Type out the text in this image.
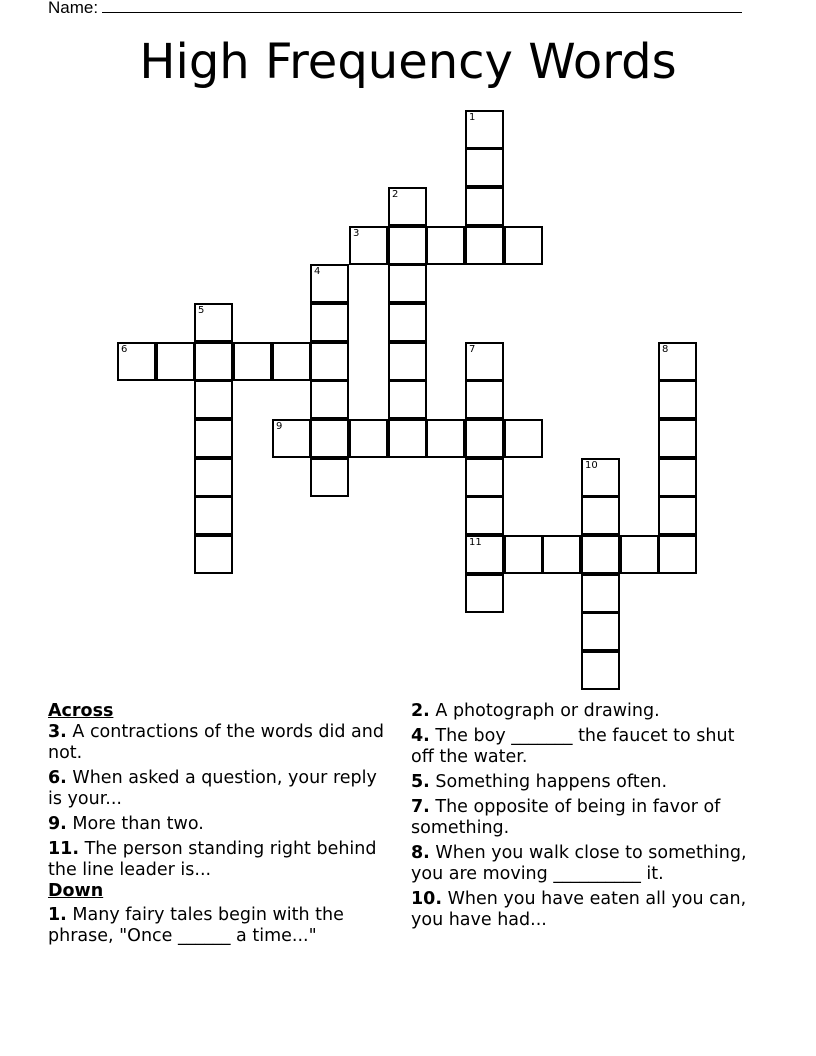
Name:
High Frequency Words
1
2
3
4
5
6	7	8
9
10
11

Across

3. A contractions of the words did and not.

6. When asked a question, your reply is your...

9. More than two.

11. The person standing right behind the line leader is...

Down

1. Many fairy tales begin with the phrase, "Once ______ a time..."

2. A photograph or drawing.

4. The boy _______ the faucet to shut off the water.

5. Something happens often.

7. The opposite of being in favor of something.

8. When you walk close to something, you are moving __________ it.

10. When you have eaten all you can, you have had...
